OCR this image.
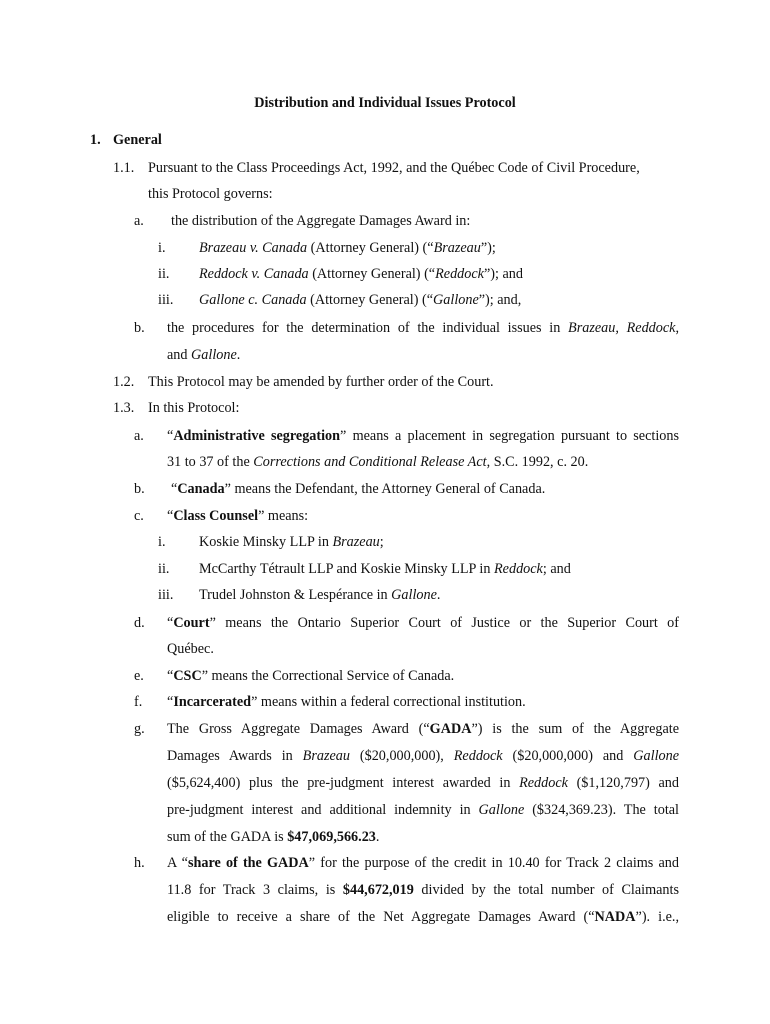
Distribution and Individual Issues Protocol
1. General
1.1. Pursuant to the Class Proceedings Act, 1992, and the Québec Code of Civil Procedure,
this Protocol governs:
a. the distribution of the Aggregate Damages Award in:
i. Brazeau v. Canada (Attorney General) (“Brazeau”);
ii. Reddock v. Canada (Attorney General) (“Reddock”); and
iii. Gallone c. Canada (Attorney General) (“Gallone”); and,
b. the procedures for the determination of the individual issues in Brazeau, Reddock,
and Gallone.
1.2. This Protocol may be amended by further order of the Court.
1.3. In this Protocol:
a. “Administrative segregation” means a placement in segregation pursuant to sections
31 to 37 of the Corrections and Conditional Release Act, S.C. 1992, c. 20.
b. “Canada” means the Defendant, the Attorney General of Canada.
c. “Class Counsel” means:
i. Koskie Minsky LLP in Brazeau;
ii. McCarthy Tétrault LLP and Koskie Minsky LLP in Reddock; and
iii. Trudel Johnston & Lespérance in Gallone.
d. “Court” means the Ontario Superior Court of Justice or the Superior Court of
Québec.
e. “CSC” means the Correctional Service of Canada.
f. “Incarcerated” means within a federal correctional institution.
g. The Gross Aggregate Damages Award (“GADA”) is the sum of the Aggregate
Damages Awards in Brazeau ($20,000,000), Reddock ($20,000,000) and Gallone
($5,624,400) plus the pre-judgment interest awarded in Reddock ($1,120,797) and
pre-judgment interest and additional indemnity in Gallone ($324,369.23). The total
sum of the GADA is $47,069,566.23.
h. A “share of the GADA” for the purpose of the credit in 10.40 for Track 2 claims and
11.8 for Track 3 claims, is $44,672,019 divided by the total number of Claimants
eligible to receive a share of the Net Aggregate Damages Award (“NADA”). i.e.,
